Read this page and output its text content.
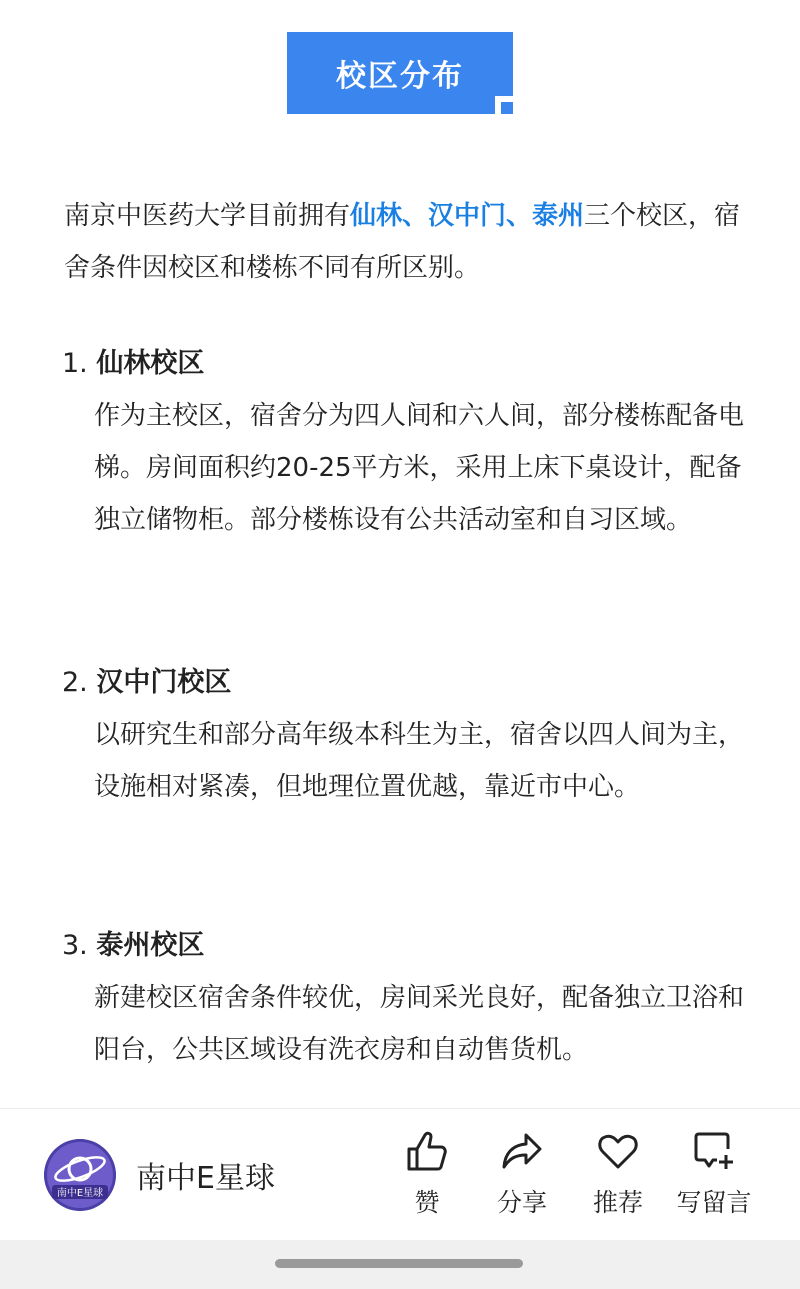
校区分布
南京中医药大学目前拥有仙林、汉中门、泰州三个校区，宿舍条件因校区和楼栋不同有所区别。
1. 仙林校区
作为主校区，宿舍分为四人间和六人间，部分楼栋配备电梯。房间面积约20-25平方米，采用上床下桌设计，配备独立储物柜。部分楼栋设有公共活动室和自习区域。
2. 汉中门校区
以研究生和部分高年级本科生为主，宿舍以四人间为主，设施相对紧凑，但地理位置优越，靠近市中心。
3. 泰州校区
新建校区宿舍条件较优，房间采光良好，配备独立卫浴和阳台，公共区域设有洗衣房和自动售货机。
南中E星球 南中E星球
赞	分享	推荐	写留言
